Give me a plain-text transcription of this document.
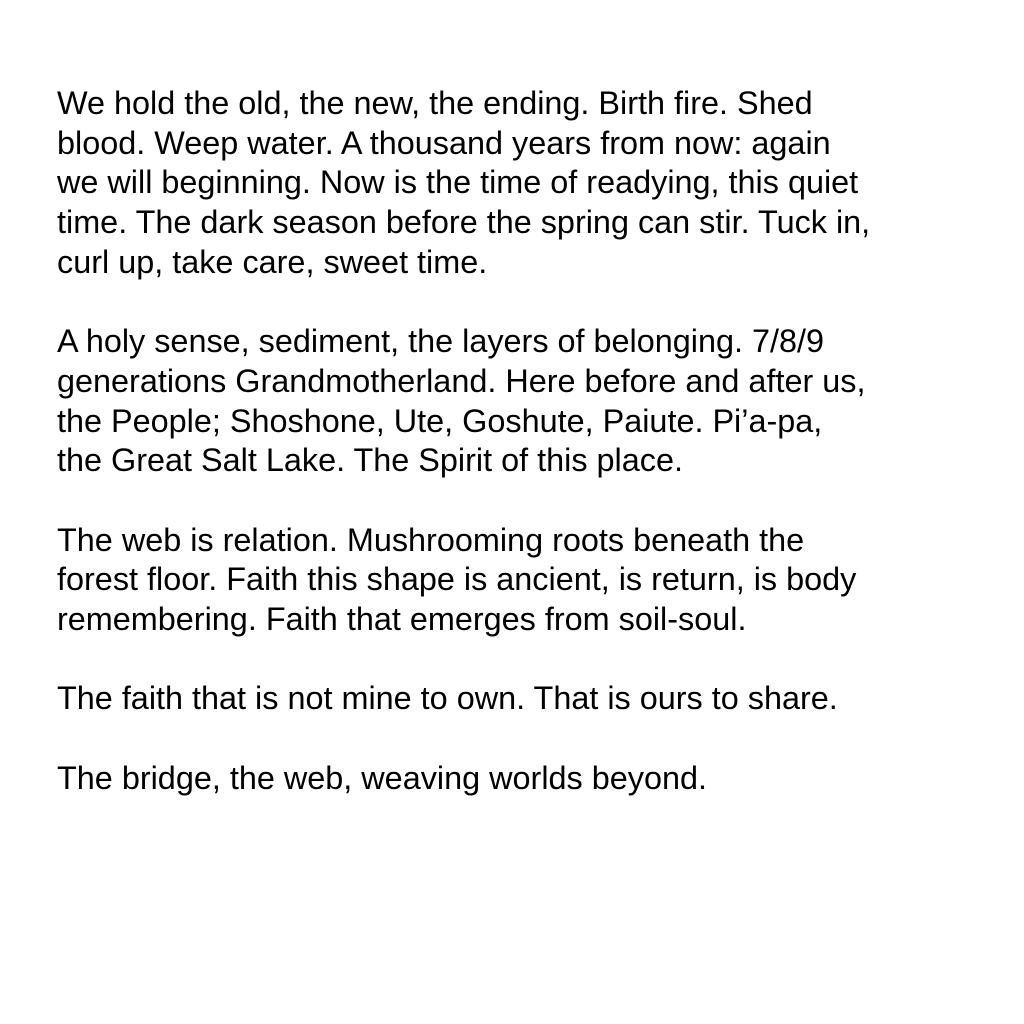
We hold the old, the new, the ending. Birth fire. Shed
blood. Weep water. A thousand years from now: again
we will beginning. Now is the time of readying, this quiet
time. The dark season before the spring can stir. Tuck in,
curl up, take care, sweet time.
A holy sense, sediment, the layers of belonging. 7/8/9
generations Grandmotherland. Here before and after us,
the People; Shoshone, Ute, Goshute, Paiute. Pi’a-pa,
the Great Salt Lake. The Spirit of this place.
The web is relation. Mushrooming roots beneath the
forest floor. Faith this shape is ancient, is return, is body
remembering. Faith that emerges from soil-soul.
The faith that is not mine to own. That is ours to share.
The bridge, the web, weaving worlds beyond.
